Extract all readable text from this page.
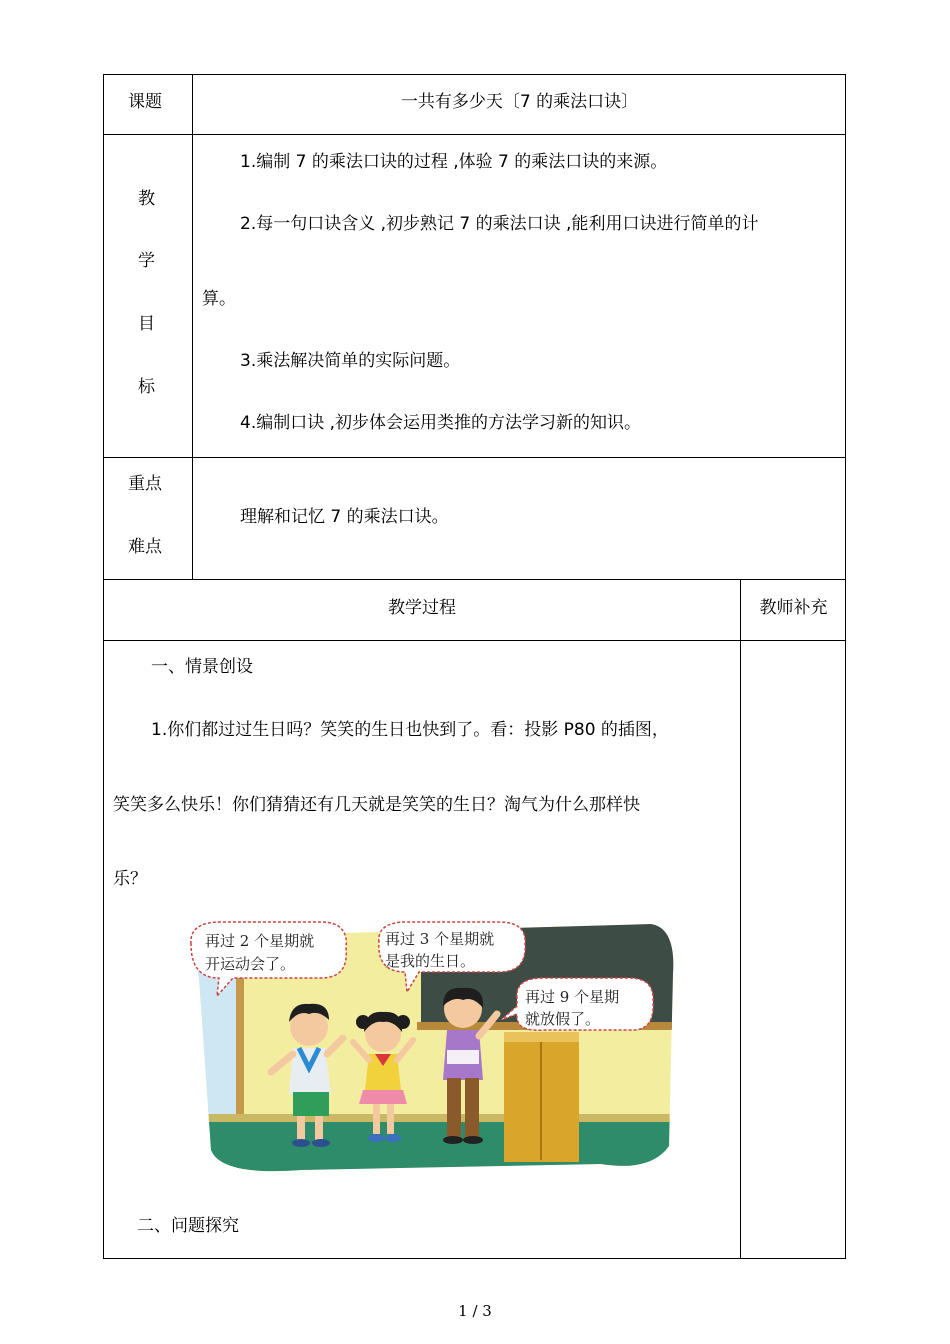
课题	一共有多少天〔7 的乘法口诀〕
教
学
目
标
1.编制 7 的乘法口诀的过程 ,体验 7 的乘法口诀的来源。
2.每一句口诀含义 ,初步熟记 7 的乘法口诀 ,能利用口诀进行简单的计
算。
3.乘法解决简单的实际问题。
4.编制口诀 ,初步体会运用类推的方法学习新的知识。
重点
难点
理解和记忆 7 的乘法口诀。
教学过程	教师补充
一、情景创设
1.你们都过过生日吗？笑笑的生日也快到了。看：投影 P80 的插图，
笑笑多么快乐！你们猜猜还有几天就是笑笑的生日？淘气为什么那样快
乐？
再过 2 个星期就
开运动会了。
再过 3 个星期就
是我的生日。
再过 9 个星期
就放假了。
二、问题探究
1 / 3
